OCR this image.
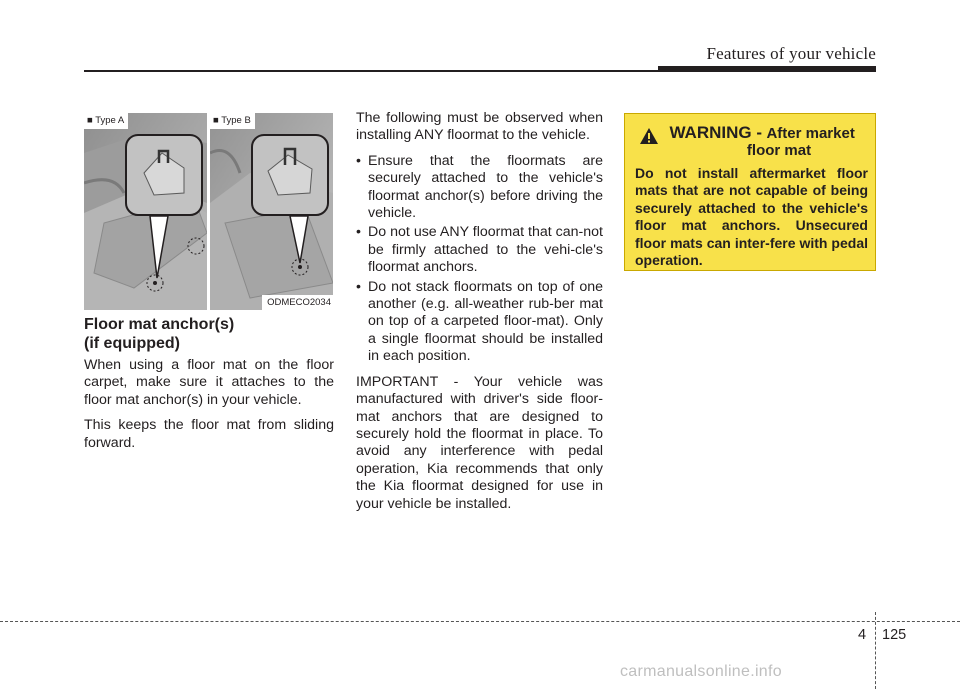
Features of your vehicle
■ Type A	■ Type B
ODMECO2034
Floor mat anchor(s)
(if equipped)

When using a floor mat on the floor carpet, make sure it attaches to the floor mat anchor(s) in your vehicle.

This keeps the floor mat from sliding forward.

The following must be observed when installing ANY floormat to the vehicle.

• Ensure that the floormats are securely attached to the vehicle's floormat anchor(s) before driving the vehicle.
• Do not use ANY floormat that can-not be firmly attached to the vehi-cle's floormat anchors.
• Do not stack floormats on top of one another (e.g. all-weather rub-ber mat on top of a carpeted floor-mat). Only a single floormat should be installed in each position.

IMPORTANT - Your vehicle was manufactured with driver's side floor-mat anchors that are designed to securely hold the floormat in place. To avoid any interference with pedal operation, Kia recommends that only the Kia floormat designed for use in your vehicle be installed.

WARNING - After market
floor mat
Do not install aftermarket floor mats that are not capable of being securely attached to the vehicle's floor mat anchors. Unsecured floor mats can inter-fere with pedal operation.
4 125
carmanualsonline.info
